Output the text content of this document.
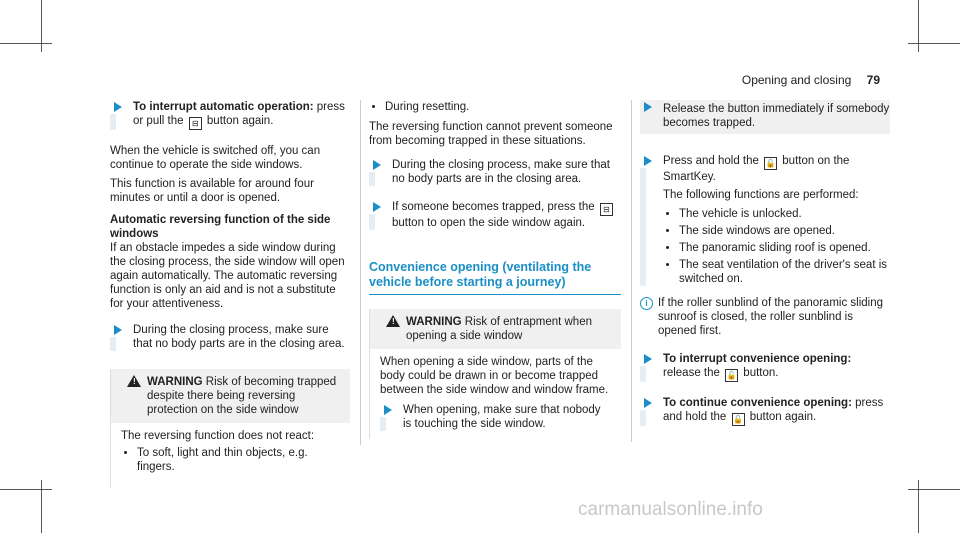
Opening and closing 79
To interrupt automatic operation: press or pull the ⊟ button again.

When the vehicle is switched off, you can continue to operate the side windows.

This function is available for around four minutes or until a door is opened.

Automatic reversing function of the side windows

If an obstacle impedes a side window during the closing process, the side window will open again automatically. The automatic reversing function is only an aid and is not a substitute for your attentiveness.

During the closing process, make sure that no body parts are in the closing area.
! WARNING Risk of becoming trapped despite there being reversing protection on the side window
The reversing function does not react:
• To soft, light and thin objects, e.g. fingers.
• During resetting.

The reversing function cannot prevent someone from becoming trapped in these situations.

During the closing process, make sure that no body parts are in the closing area.
If someone becomes trapped, press the ⊟ button to open the side window again.

Convenience opening (ventilating the vehicle before starting a journey)

! WARNING Risk of entrapment when opening a side window
When opening a side window, parts of the body could be drawn in or become trapped between the side window and window frame.
When opening, make sure that nobody is touching the side window.
Release the button immediately if somebody becomes trapped.
Press and hold the 🔓 button on the SmartKey.

The following functions are performed:

• The vehicle is unlocked.
• The side windows are opened.
• The panoramic sliding roof is opened.
• The seat ventilation of the driver's seat is switched on.
i If the roller sunblind of the panoramic sliding sunroof is closed, the roller sunblind is opened first.
To interrupt convenience opening: release the 🔓 button.
To continue convenience opening: press and hold the 🔓 button again.
carmanualsonline.info
